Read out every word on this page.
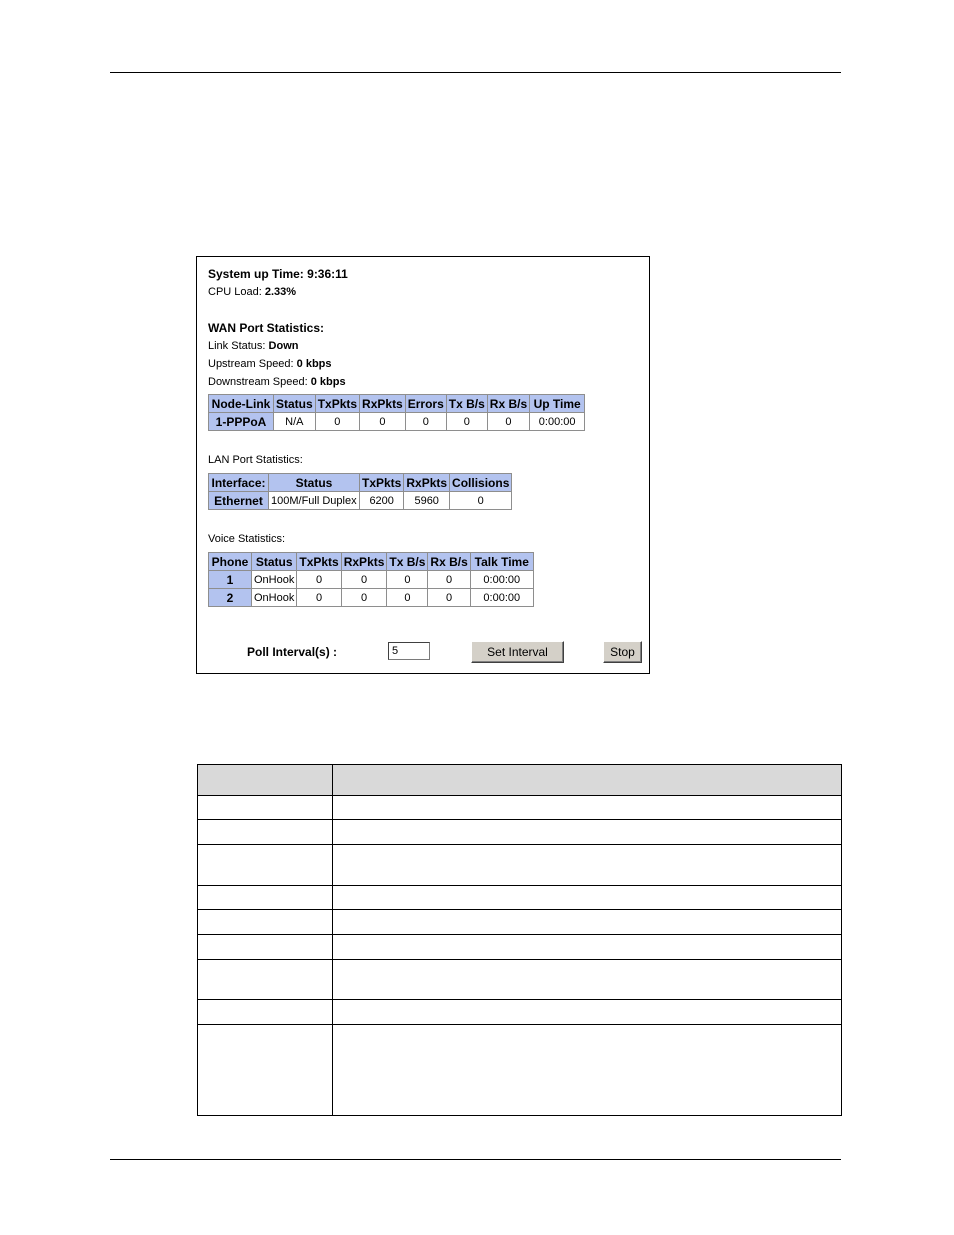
System up Time: 9:36:11
CPU Load: 2.33%
WAN Port Statistics:
Link Status: Down
Upstream Speed: 0 kbps
Downstream Speed: 0 kbps
Node-Link	Status	TxPkts	RxPkts	Errors	Tx B/s	Rx B/s	Up Time
1-PPPoA	N/A	0	0	0	0	0	0:00:00
LAN Port Statistics:
Interface:	Status	TxPkts	RxPkts	Collisions
Ethernet	100M/Full Duplex	6200	5960	0
Voice Statistics:
Phone	Status	TxPkts	RxPkts	Tx B/s	Rx B/s	Talk Time
1	OnHook	0	0	0	0	0:00:00
2	OnHook	0	0	0	0	0:00:00
Poll Interval(s) :
5	Set Interval	Stop
